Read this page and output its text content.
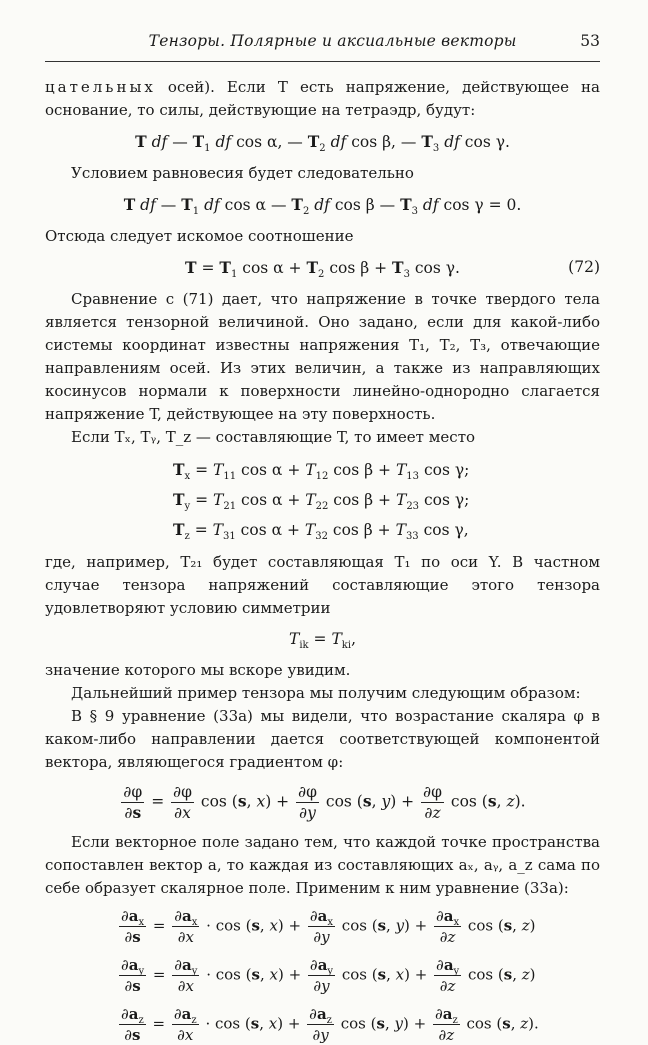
Тензоры. Полярные и аксиальные векторы	53

цательных осей). Если T есть напряжение, действующее на основание, то силы, действующие на тетраэдр, будут:

T df — $T_1$ df cos α, — $T_2$ df cos β, — $T_3$ df cos γ.

Условием равновесия будет следовательно

T df — $T_1$ df cos α — $T_2$ df cos β — $T_3$ df cos γ = 0.

Отсюда следует искомое соотношение

$T = T_1$ $\cos \alpha + T_2$ $\cos \beta + T_3$ cos γ.	(72)

Сравнение с (71) дает, что напряжение в точке твердого тела является тензорной величиной. Оно задано, если для какой-либо системы координат известны напряжения T₁, T₂, T₃, отвечающие направлениям осей. Из этих величин, а также из направляющих косинусов нормали к поверхности линейно-однородно слагается напряжение T, действующее на эту поверхность.

Если Tₓ, Tᵧ, T_z — составляющие T, то имеет место

$T_x = T_{11}$ $\cos \alpha + T_{12}$ $\cos \beta + T_{13}$ cos γ;
$T_y = T_{21}$ $\cos \alpha + T_{22}$ $\cos \beta + T_{23}$ cos γ;
$T_z = T_{31}$ $\cos \alpha + T_{32}$ $\cos \beta + T_{33}$ cos γ,

где, например, T₂₁ будет составляющая T₁ по оси Y. В частном случае тензора напряжений составляющие этого тензора удовлетворяют условию симметрии

$T_{ik} = T_{ki}$,

значение которого мы вскоре увидим.

Дальнейший пример тензора мы получим следующим образом:

В § 9 уравнение (33a) мы видели, что возрастание скаляра φ в каком-либо направлении дается соответствующей компонентой вектора, являющегося градиентом φ:

$\frac{\partial\varphi}{\partial s} = \frac{\partial\varphi}{\partial x}$ cos (s, $x) + \frac{\partial\varphi}{\partial y}$ cos (s, $y) + \frac{\partial\varphi}{\partial z}$ cos (s, z).

Если векторное поле задано тем, что каждой точке пространства сопоставлен вектор a, то каждая из составляющих aₓ, aᵧ, a_z сама по себе образует скалярное поле. Применим к ним уравнение (33a):

$\frac{\partial a_x}{\partial s} = \frac{\partial a_x}{\partial x} \cdot \cos (s$, $x) + \frac{\partial a_x}{\partial y}$ cos (s, $y) + \frac{\partial a_x}{\partial z}$ cos (s, z)
$\frac{\partial a_y}{\partial s} = \frac{\partial a_y}{\partial x} \cdot \cos (s$, $x) + \frac{\partial a_y}{\partial y}$ cos (s, $x) + \frac{\partial a_y}{\partial z}$ cos (s, z)
$\frac{\partial a_z}{\partial s} = \frac{\partial a_z}{\partial x} \cdot \cos (s$, $x) + \frac{\partial a_z}{\partial y}$ cos (s, $y) + \frac{\partial a_z}{\partial z}$ cos (s, z).
